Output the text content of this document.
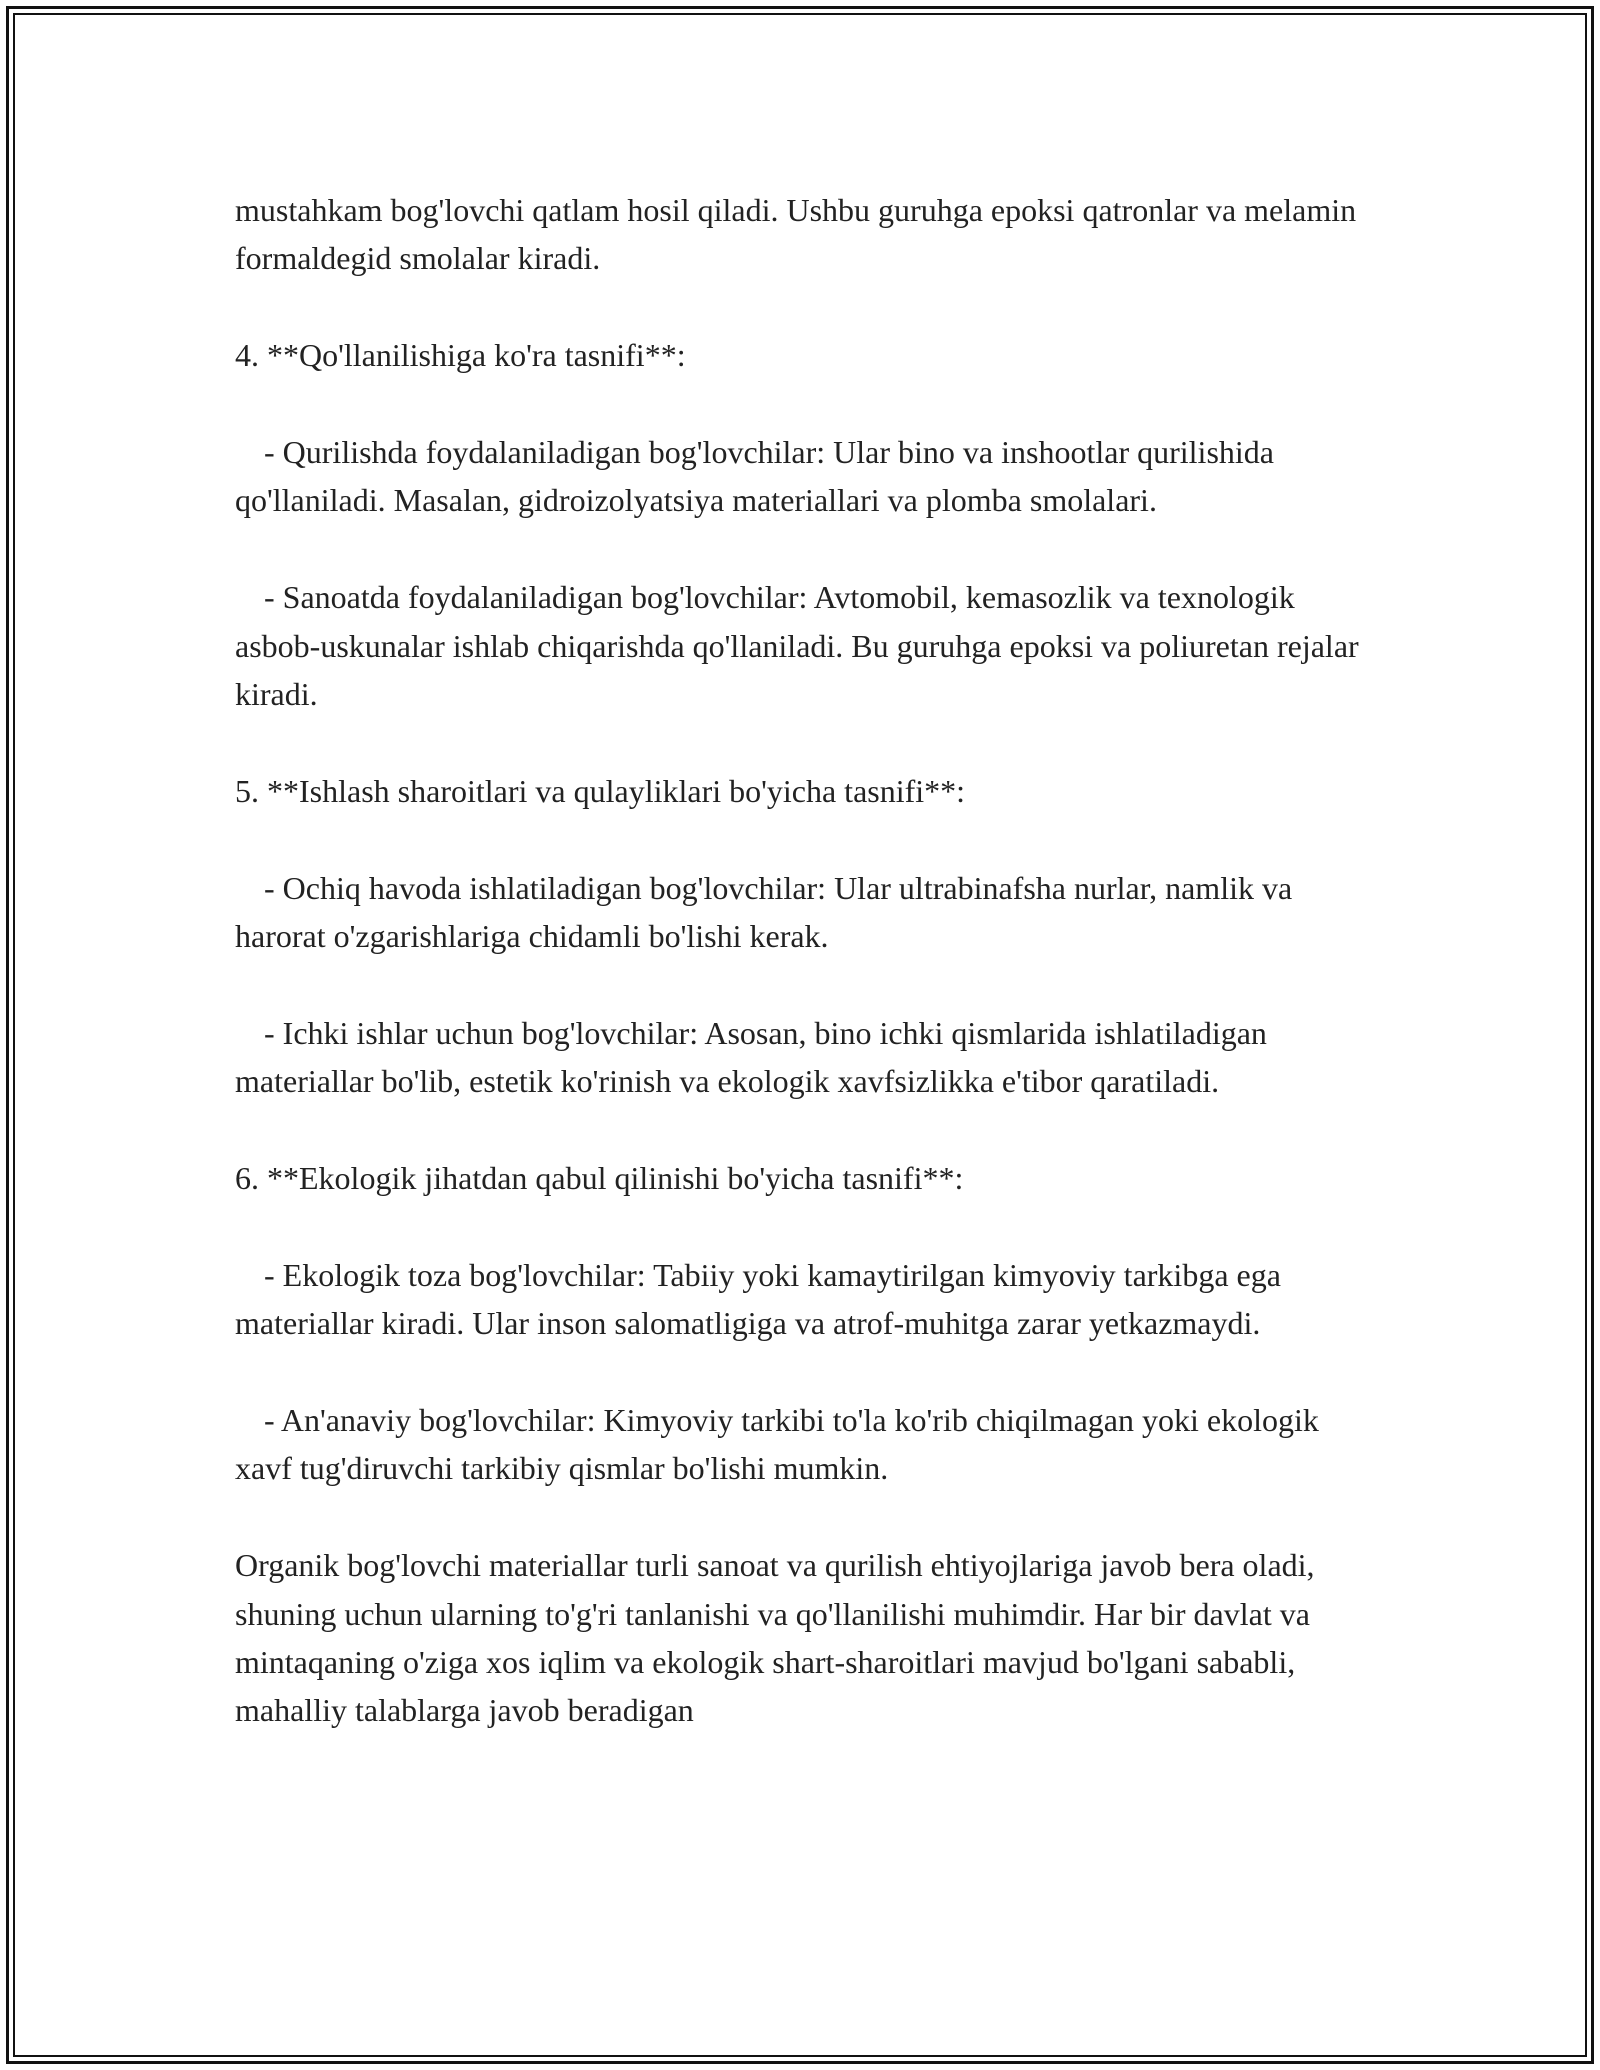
mustahkam bog'lovchi qatlam hosil qiladi. Ushbu guruhga epoksi qatronlar va melamin formaldegid smolalar kiradi.

4. **Qo'llanilishiga ko'ra tasnifi**:

- Qurilishda foydalaniladigan bog'lovchilar: Ular bino va inshootlar qurilishida qo'llaniladi. Masalan, gidroizolyatsiya materiallari va plomba smolalari.

- Sanoatda foydalaniladigan bog'lovchilar: Avtomobil, kemasozlik va texnologik asbob-uskunalar ishlab chiqarishda qo'llaniladi. Bu guruhga epoksi va poliuretan rejalar kiradi.

5. **Ishlash sharoitlari va qulayliklari bo'yicha tasnifi**:

- Ochiq havoda ishlatiladigan bog'lovchilar: Ular ultrabinafsha nurlar, namlik va harorat o'zgarishlariga chidamli bo'lishi kerak.

- Ichki ishlar uchun bog'lovchilar: Asosan, bino ichki qismlarida ishlatiladigan materiallar bo'lib, estetik ko'rinish va ekologik xavfsizlikka e'tibor qaratiladi.

6. **Ekologik jihatdan qabul qilinishi bo'yicha tasnifi**:

- Ekologik toza bog'lovchilar: Tabiiy yoki kamaytirilgan kimyoviy tarkibga ega materiallar kiradi. Ular inson salomatligiga va atrof-muhitga zarar yetkazmaydi.

- An'anaviy bog'lovchilar: Kimyoviy tarkibi to'la ko'rib chiqilmagan yoki ekologik xavf tug'diruvchi tarkibiy qismlar bo'lishi mumkin.

Organik bog'lovchi materiallar turli sanoat va qurilish ehtiyojlariga javob bera oladi, shuning uchun ularning to'g'ri tanlanishi va qo'llanilishi muhimdir. Har bir davlat va mintaqaning o'ziga xos iqlim va ekologik shart-sharoitlari mavjud bo'lgani sababli, mahalliy talablarga javob beradigan
